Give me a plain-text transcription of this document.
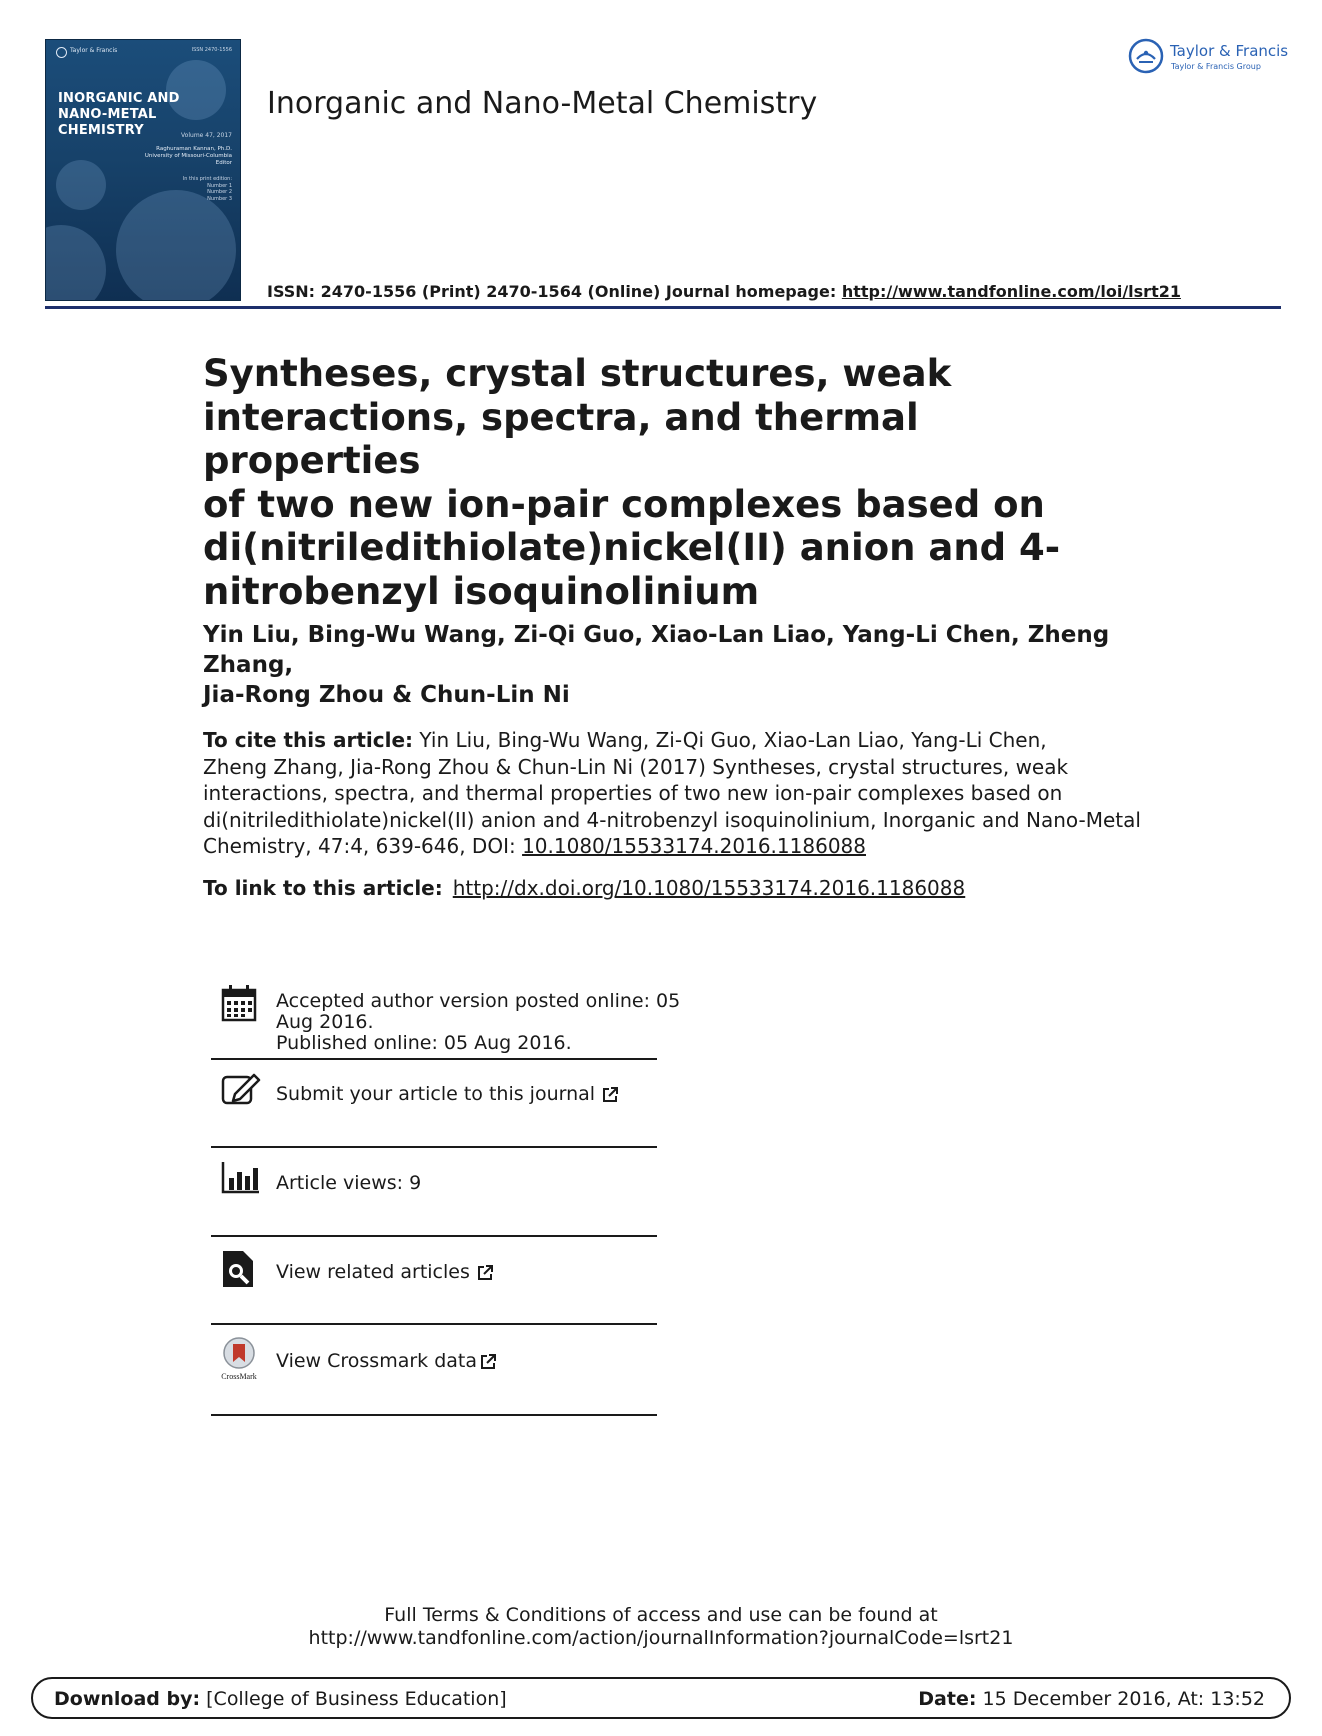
Taylor & Francis	ISSN 2470-1556
INORGANIC AND
NANO-METAL CHEMISTRY	Volume 47, 2017
Raghuraman Kannan, Ph.D.
University of Missouri-Columbia
Editor
In this print edition:
Number 1
Number 2
Number 3
Inorganic and Nano-Metal Chemistry
Taylor & Francis
Taylor & Francis Group
ISSN: 2470-1556 (Print) 2470-1564 (Online) Journal homepage: http://www.tandfonline.com/loi/lsrt21
Syntheses, crystal structures, weak
interactions, spectra, and thermal properties
of two new ion-pair complexes based on
di(nitriledithiolate)nickel(II) anion and 4-
nitrobenzyl isoquinolinium
Yin Liu, Bing-Wu Wang, Zi-Qi Guo, Xiao-Lan Liao, Yang-Li Chen, Zheng Zhang,
Jia-Rong Zhou & Chun-Lin Ni
To cite this article: Yin Liu, Bing-Wu Wang, Zi-Qi Guo, Xiao-Lan Liao, Yang-Li Chen,
Zheng Zhang, Jia-Rong Zhou & Chun-Lin Ni (2017) Syntheses, crystal structures, weak
interactions, spectra, and thermal properties of two new ion-pair complexes based on
di(nitriledithiolate)nickel(II) anion and 4-nitrobenzyl isoquinolinium, Inorganic and Nano-Metal
Chemistry, 47:4, 639-646, DOI: 10.1080/15533174.2016.1186088
To link to this article: http://dx.doi.org/10.1080/15533174.2016.1186088
Accepted author version posted online: 05
Aug 2016.
Published online: 05 Aug 2016.
Submit your article to this journal
Article views: 9
View related articles
CrossMark
View Crossmark data
Full Terms & Conditions of access and use can be found at
http://www.tandfonline.com/action/journalInformation?journalCode=lsrt21
Download by: [College of Business Education]	Date: 15 December 2016, At: 13:52
